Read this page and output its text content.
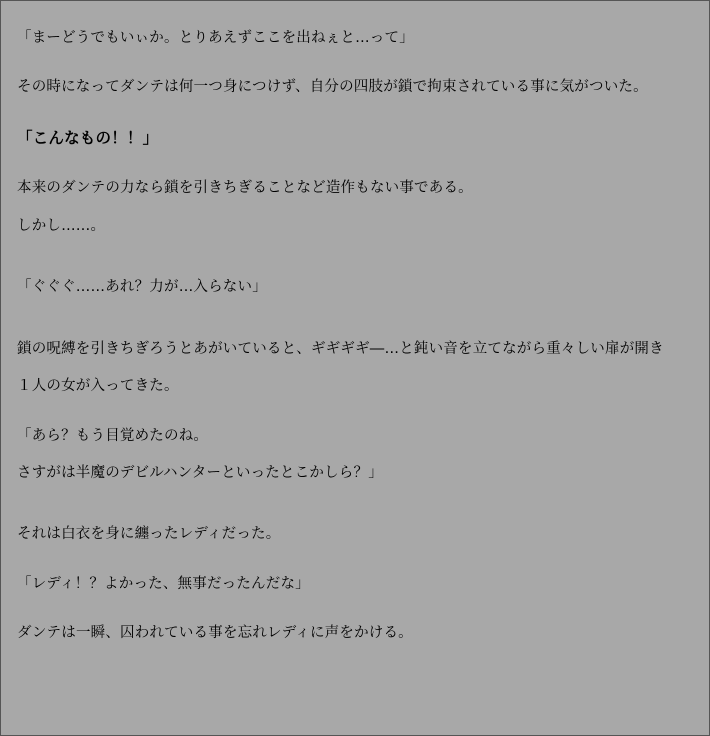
「まーどうでもいぃか。とりあえずここを出ねぇと…って」

その時になってダンテは何一つ身につけず、自分の四肢が鎖で拘束されている事に気がついた。

「こんなもの！！」

本来のダンテの力なら鎖を引きちぎることなど造作もない事である。

しかし……。

「ぐぐぐ……あれ？力が…入らない」

鎖の呪縛を引きちぎろうとあがいていると、ギギギギ―…と鈍い音を立てながら重々しい扉が開き

１人の女が入ってきた。

「あら？もう目覚めたのね。

さすがは半魔のデビルハンターといったとこかしら？」

それは白衣を身に纏ったレディだった。

「レディ！？よかった、無事だったんだな」

ダンテは一瞬、囚われている事を忘れレディに声をかける。
